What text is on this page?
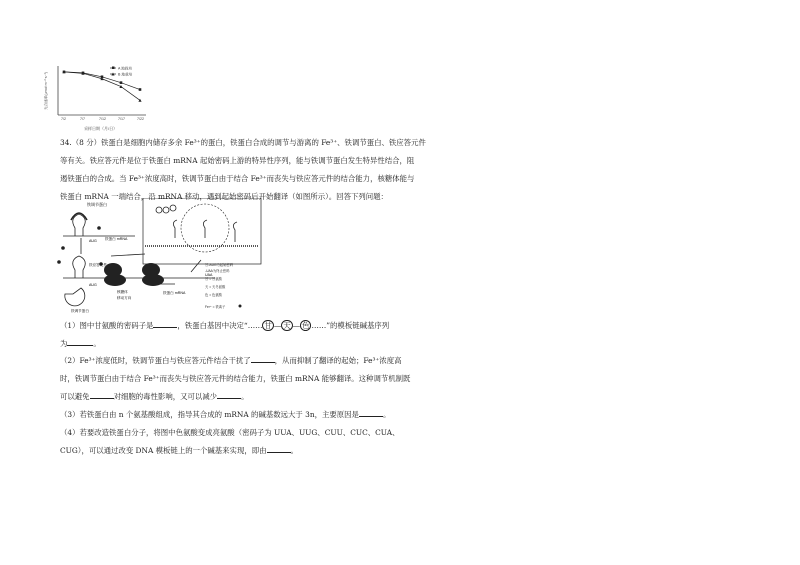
光合速率(μmol·m⁻²·s⁻¹)
7/2	7/7	7/12	7/17	7/22
采样日期（月/日）
A 地栽培
B 地栽培
34.（8 分）铁蛋白是细胞内储存多余 Fe³⁺的蛋白，铁蛋白合成的调节与游离的 Fe³⁺、铁调节蛋白、铁应答元件
等有关。铁应答元件是位于铁蛋白 mRNA 起始密码上游的特异性序列，能与铁调节蛋白发生特异性结合，阻
遏铁蛋白的合成。当 Fe³⁺浓度高时，铁调节蛋白由于结合 Fe³⁺而丧失与铁应答元件的结合能力，核糖体能与
铁蛋白 mRNA 一端结合，沿 mRNA 移动，遇到起始密码后开始翻译（如图所示）。回答下列问题：
铁调节蛋白
AUG 铁蛋白 mRNA
铁应答元件
核糖体
AUG
移动方向
铁蛋白 mRNA
UAA
铁调节蛋白
甘-AUG为起始密码
-UAA为终止密码
甘 = 甘氨酸
天 = 天冬氨酸
色 = 色氨酸
Fe³⁺ = 铁离子
（1）图中甘氨酸的密码子是	，铁蛋白基因中决定“…… 甘 — 天 — 色 ……”的模板链碱基序列
为	。
（2）Fe³⁺浓度低时，铁调节蛋白与铁应答元件结合干扰了	，从而抑制了翻译的起始；Fe³⁺浓度高
时，铁调节蛋白由于结合 Fe³⁺而丧失与铁应答元件的结合能力，铁蛋白 mRNA 能够翻译。这种调节机制既
可以避免	对细胞的毒性影响，又可以减少	。
（3）若铁蛋白由 n 个氨基酸组成，指导其合成的 mRNA 的碱基数远大于 3n，主要原因是	。
（4）若要改造铁蛋白分子，将图中色氨酸变成亮氨酸（密码子为 UUA、UUG、CUU、CUC、CUA、
CUG），可以通过改变 DNA 模板链上的一个碱基来实现，即由	。
